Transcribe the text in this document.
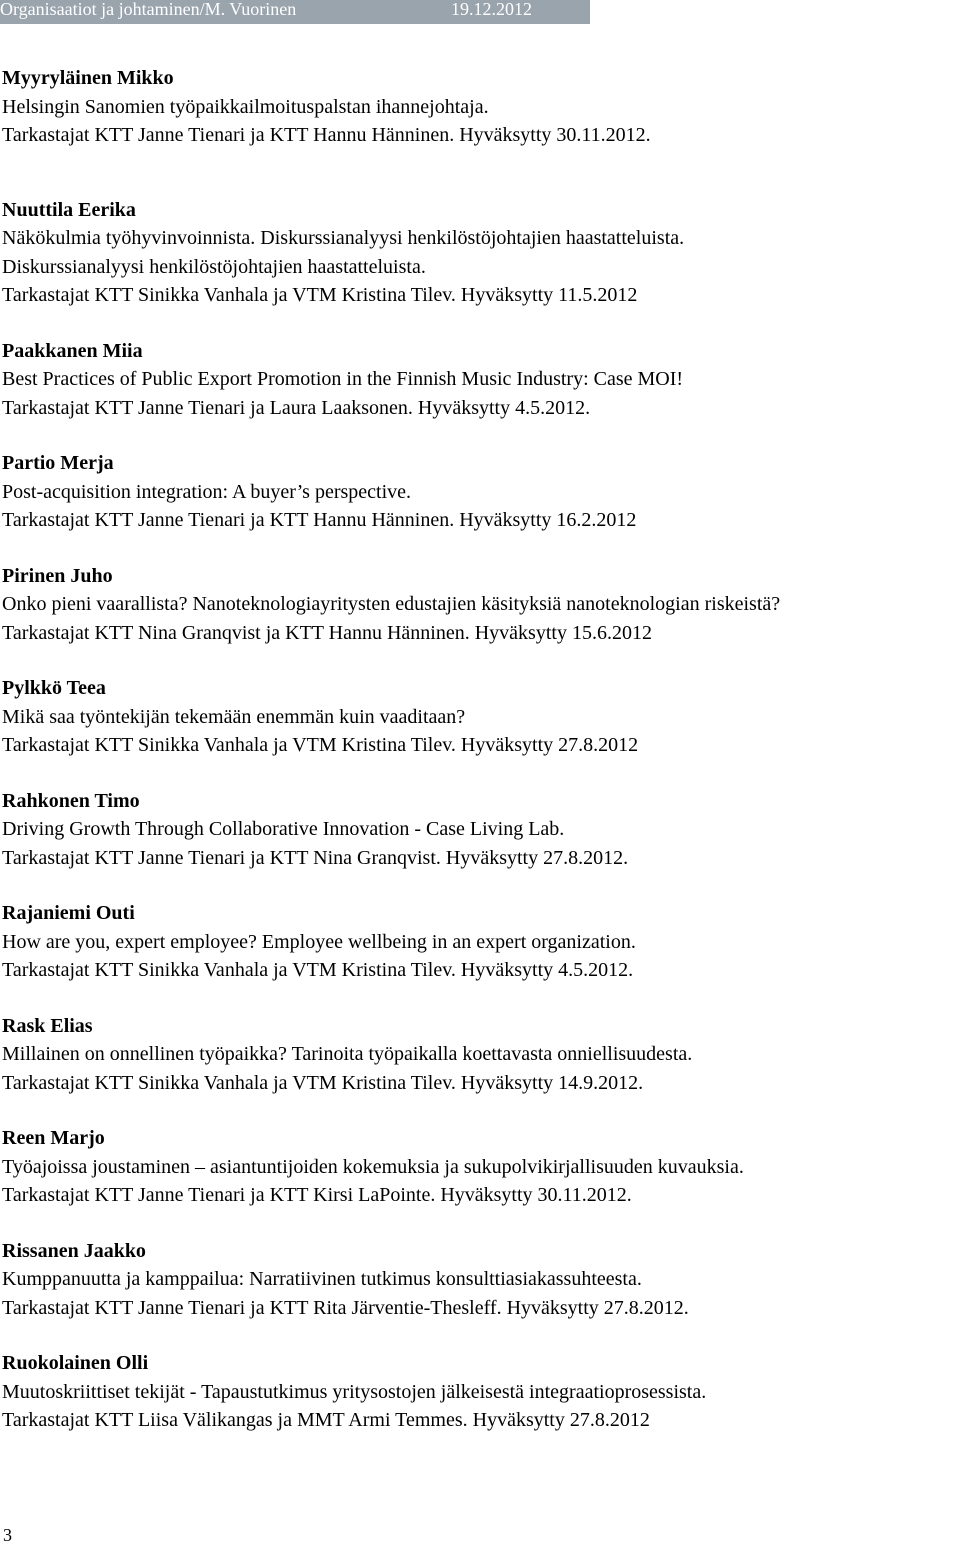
Organisaatiot ja johtaminen/M. Vuorinen	19.12.2012
Myyryläinen Mikko
Helsingin Sanomien työpaikkailmoituspalstan ihannejohtaja.
Tarkastajat KTT Janne Tienari ja KTT Hannu Hänninen. Hyväksytty 30.11.2012.
Nuuttila Eerika
Näkökulmia työhyvinvoinnista. Diskurssianalyysi henkilöstöjohtajien haastatteluista.
Diskurssianalyysi henkilöstöjohtajien haastatteluista.
Tarkastajat KTT Sinikka Vanhala ja VTM Kristina Tilev. Hyväksytty 11.5.2012
Paakkanen Miia
Best Practices of Public Export Promotion in the Finnish Music Industry: Case MOI!
Tarkastajat KTT Janne Tienari ja Laura Laaksonen. Hyväksytty 4.5.2012.
Partio Merja
Post-acquisition integration: A buyer’s perspective.
Tarkastajat KTT Janne Tienari ja KTT Hannu Hänninen. Hyväksytty 16.2.2012
Pirinen Juho
Onko pieni vaarallista? Nanoteknologiayritysten edustajien käsityksiä nanoteknologian riskeistä?
Tarkastajat KTT Nina Granqvist ja KTT Hannu Hänninen. Hyväksytty 15.6.2012
Pylkkö Teea
Mikä saa työntekijän tekemään enemmän kuin vaaditaan?
Tarkastajat KTT Sinikka Vanhala ja VTM Kristina Tilev. Hyväksytty 27.8.2012
Rahkonen Timo
Driving Growth Through Collaborative Innovation - Case Living Lab.
Tarkastajat KTT Janne Tienari ja KTT Nina Granqvist. Hyväksytty 27.8.2012.
Rajaniemi Outi
How are you, expert employee? Employee wellbeing in an expert organization.
Tarkastajat KTT Sinikka Vanhala ja VTM Kristina Tilev. Hyväksytty 4.5.2012.
Rask Elias
Millainen on onnellinen työpaikka? Tarinoita työpaikalla koettavasta onniellisuudesta.
Tarkastajat KTT Sinikka Vanhala ja VTM Kristina Tilev. Hyväksytty 14.9.2012.
Reen Marjo
Työajoissa joustaminen – asiantuntijoiden kokemuksia ja sukupolvikirjallisuuden kuvauksia.
Tarkastajat KTT Janne Tienari ja KTT Kirsi LaPointe. Hyväksytty 30.11.2012.
Rissanen Jaakko
Kumppanuutta ja kamppailua: Narratiivinen tutkimus konsulttiasiakassuhteesta.
Tarkastajat KTT Janne Tienari ja KTT Rita Järventie-Thesleff. Hyväksytty 27.8.2012.
Ruokolainen Olli
Muutoskriittiset tekijät - Tapaustutkimus yritysostojen jälkeisestä integraatioprosessista.
Tarkastajat KTT Liisa Välikangas ja MMT Armi Temmes. Hyväksytty 27.8.2012
3
